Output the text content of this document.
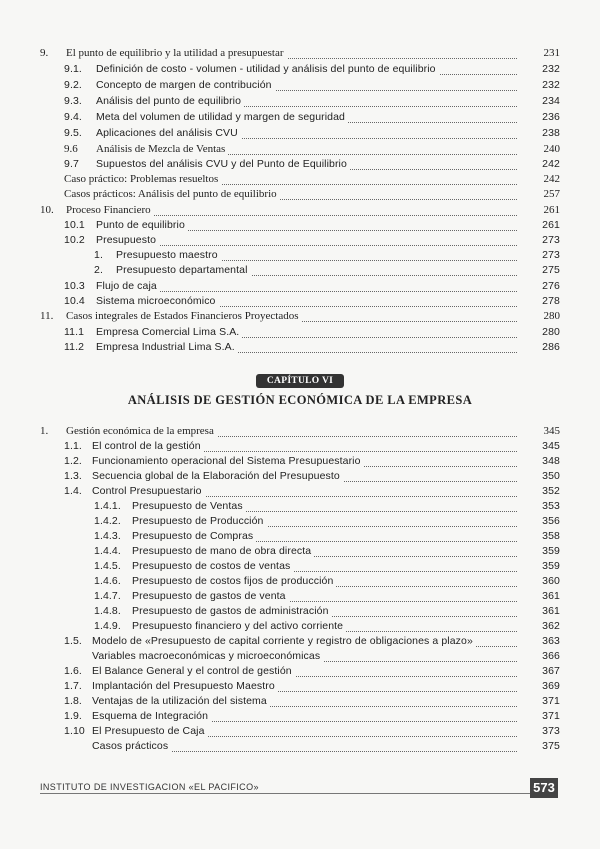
9. El punto de equilibrio y la utilidad a presupuestar	231
9.1. Definición de costo - volumen - utilidad y análisis del punto de equilibrio	232
9.2. Concepto de margen de contribución	232
9.3. Análisis del punto de equilibrio	234
9.4. Meta del volumen de utilidad y margen de seguridad	236
9.5. Aplicaciones del análisis CVU	238
9.6 Análisis de Mezcla de Ventas	240
9.7 Supuestos del análisis CVU y del Punto de Equilibrio	242
Caso práctico: Problemas resueltos	242
Casos prácticos: Análisis del punto de equilibrio	257
10. Proceso Financiero	261
10.1 Punto de equilibrio	261
10.2 Presupuesto	273
1. Presupuesto maestro	273
2. Presupuesto departamental	275
10.3 Flujo de caja	276
10.4 Sistema microeconómico	278
11. Casos integrales de Estados Financieros Proyectados	280
11.1 Empresa Comercial Lima S.A.	280
11.2 Empresa Industrial Lima S.A.	286
CAPÍTULO VI
ANÁLISIS DE GESTIÓN ECONÓMICA DE LA EMPRESA
1. Gestión económica de la empresa	345
1.1. El control de la gestión	345
1.2. Funcionamiento operacional del Sistema Presupuestario	348
1.3. Secuencia global de la Elaboración del Presupuesto	350
1.4. Control Presupuestario	352
1.4.1. Presupuesto de Ventas	353
1.4.2. Presupuesto de Producción	356
1.4.3. Presupuesto de Compras	358
1.4.4. Presupuesto de mano de obra directa	359
1.4.5. Presupuesto de costos de ventas	359
1.4.6. Presupuesto de costos fijos de producción	360
1.4.7. Presupuesto de gastos de venta	361
1.4.8. Presupuesto de gastos de administración	361
1.4.9. Presupuesto financiero y del activo corriente	362
1.5. Modelo de «Presupuesto de capital corriente y registro de obligaciones a plazo»	363
Variables macroeconómicas y microeconómicas	366
1.6. El Balance General y el control de gestión	367
1.7. Implantación del Presupuesto Maestro	369
1.8. Ventajas de la utilización del sistema	371
1.9. Esquema de Integración	371
1.10 El Presupuesto de Caja	373
Casos prácticos	375
INSTITUTO DE INVESTIGACION «EL PACIFICO»	573
